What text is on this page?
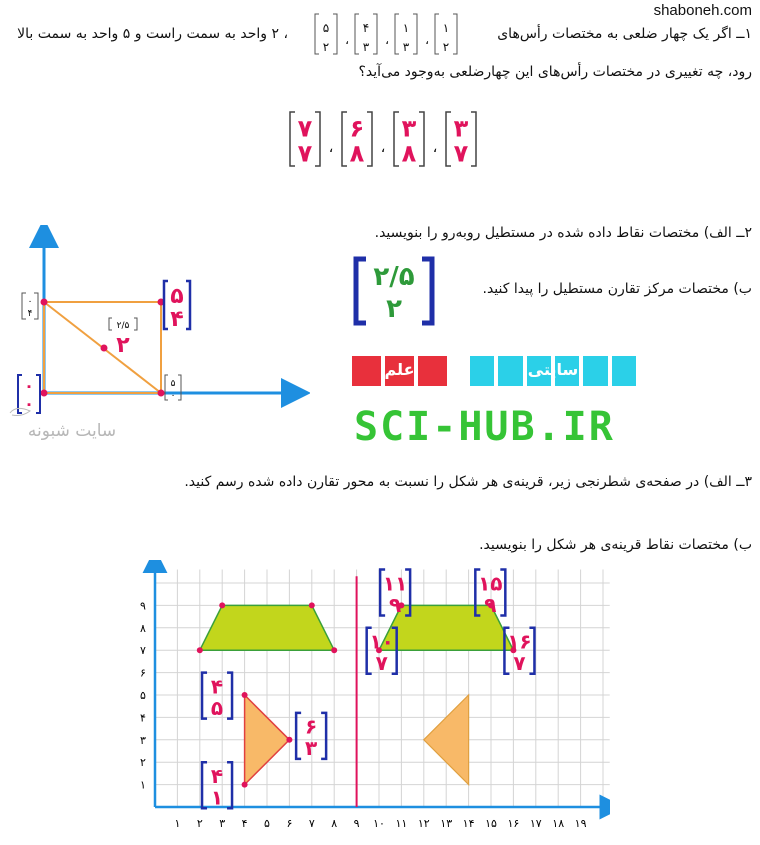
shaboneh.com
۱ــ اگر یک چهار ضلعی به مختصات رأس‌های
۱
۲
،
۱
۳
،
۴
۳
،
۵
۲
، ۲ واحد به سمت راست و ۵ واحد به سمت بالا
رود، چه تغییری در مختصات رأس‌های این چهارضلعی به‌وجود می‌آید؟
۷
۷ ،
۶
۸ ،
۳
۸ ،
۳
۷
۲ــ الف) مختصات نقاط داده شده در مستطیل روبه‌رو را بنویسید.
ب) مختصات مرکز تقارن مستطیل را پیدا کنید.
۲/۵
۲
۰
۴
۵
۴
۲/۵
۲
۰
۰
۵
۰
سایت شبونه
علم	سایتی
SCI-HUB.IR
۳ــ الف) در صفحه‌ی شطرنجی زیر، قرینه‌ی هر شکل را نسبت به محور تقارن داده شده رسم کنید.
ب) مختصات نقاط قرینه‌ی هر شکل را بنویسید.
۱ ۲ ۳ ۴ ۵ ۶ ۷ ۸ ۹ ۱۰ ۱۱ ۱۲ ۱۳ ۱۴ ۱۵ ۱۶ ۱۷ ۱۸ ۱۹
۱
۲
۳
۴
۵
۶
۷
۸
۹
۱۱
۹
۱۵
۹
۱۰
۷
۱۶
۷
۴
۵
۶
۳
۴
۱
